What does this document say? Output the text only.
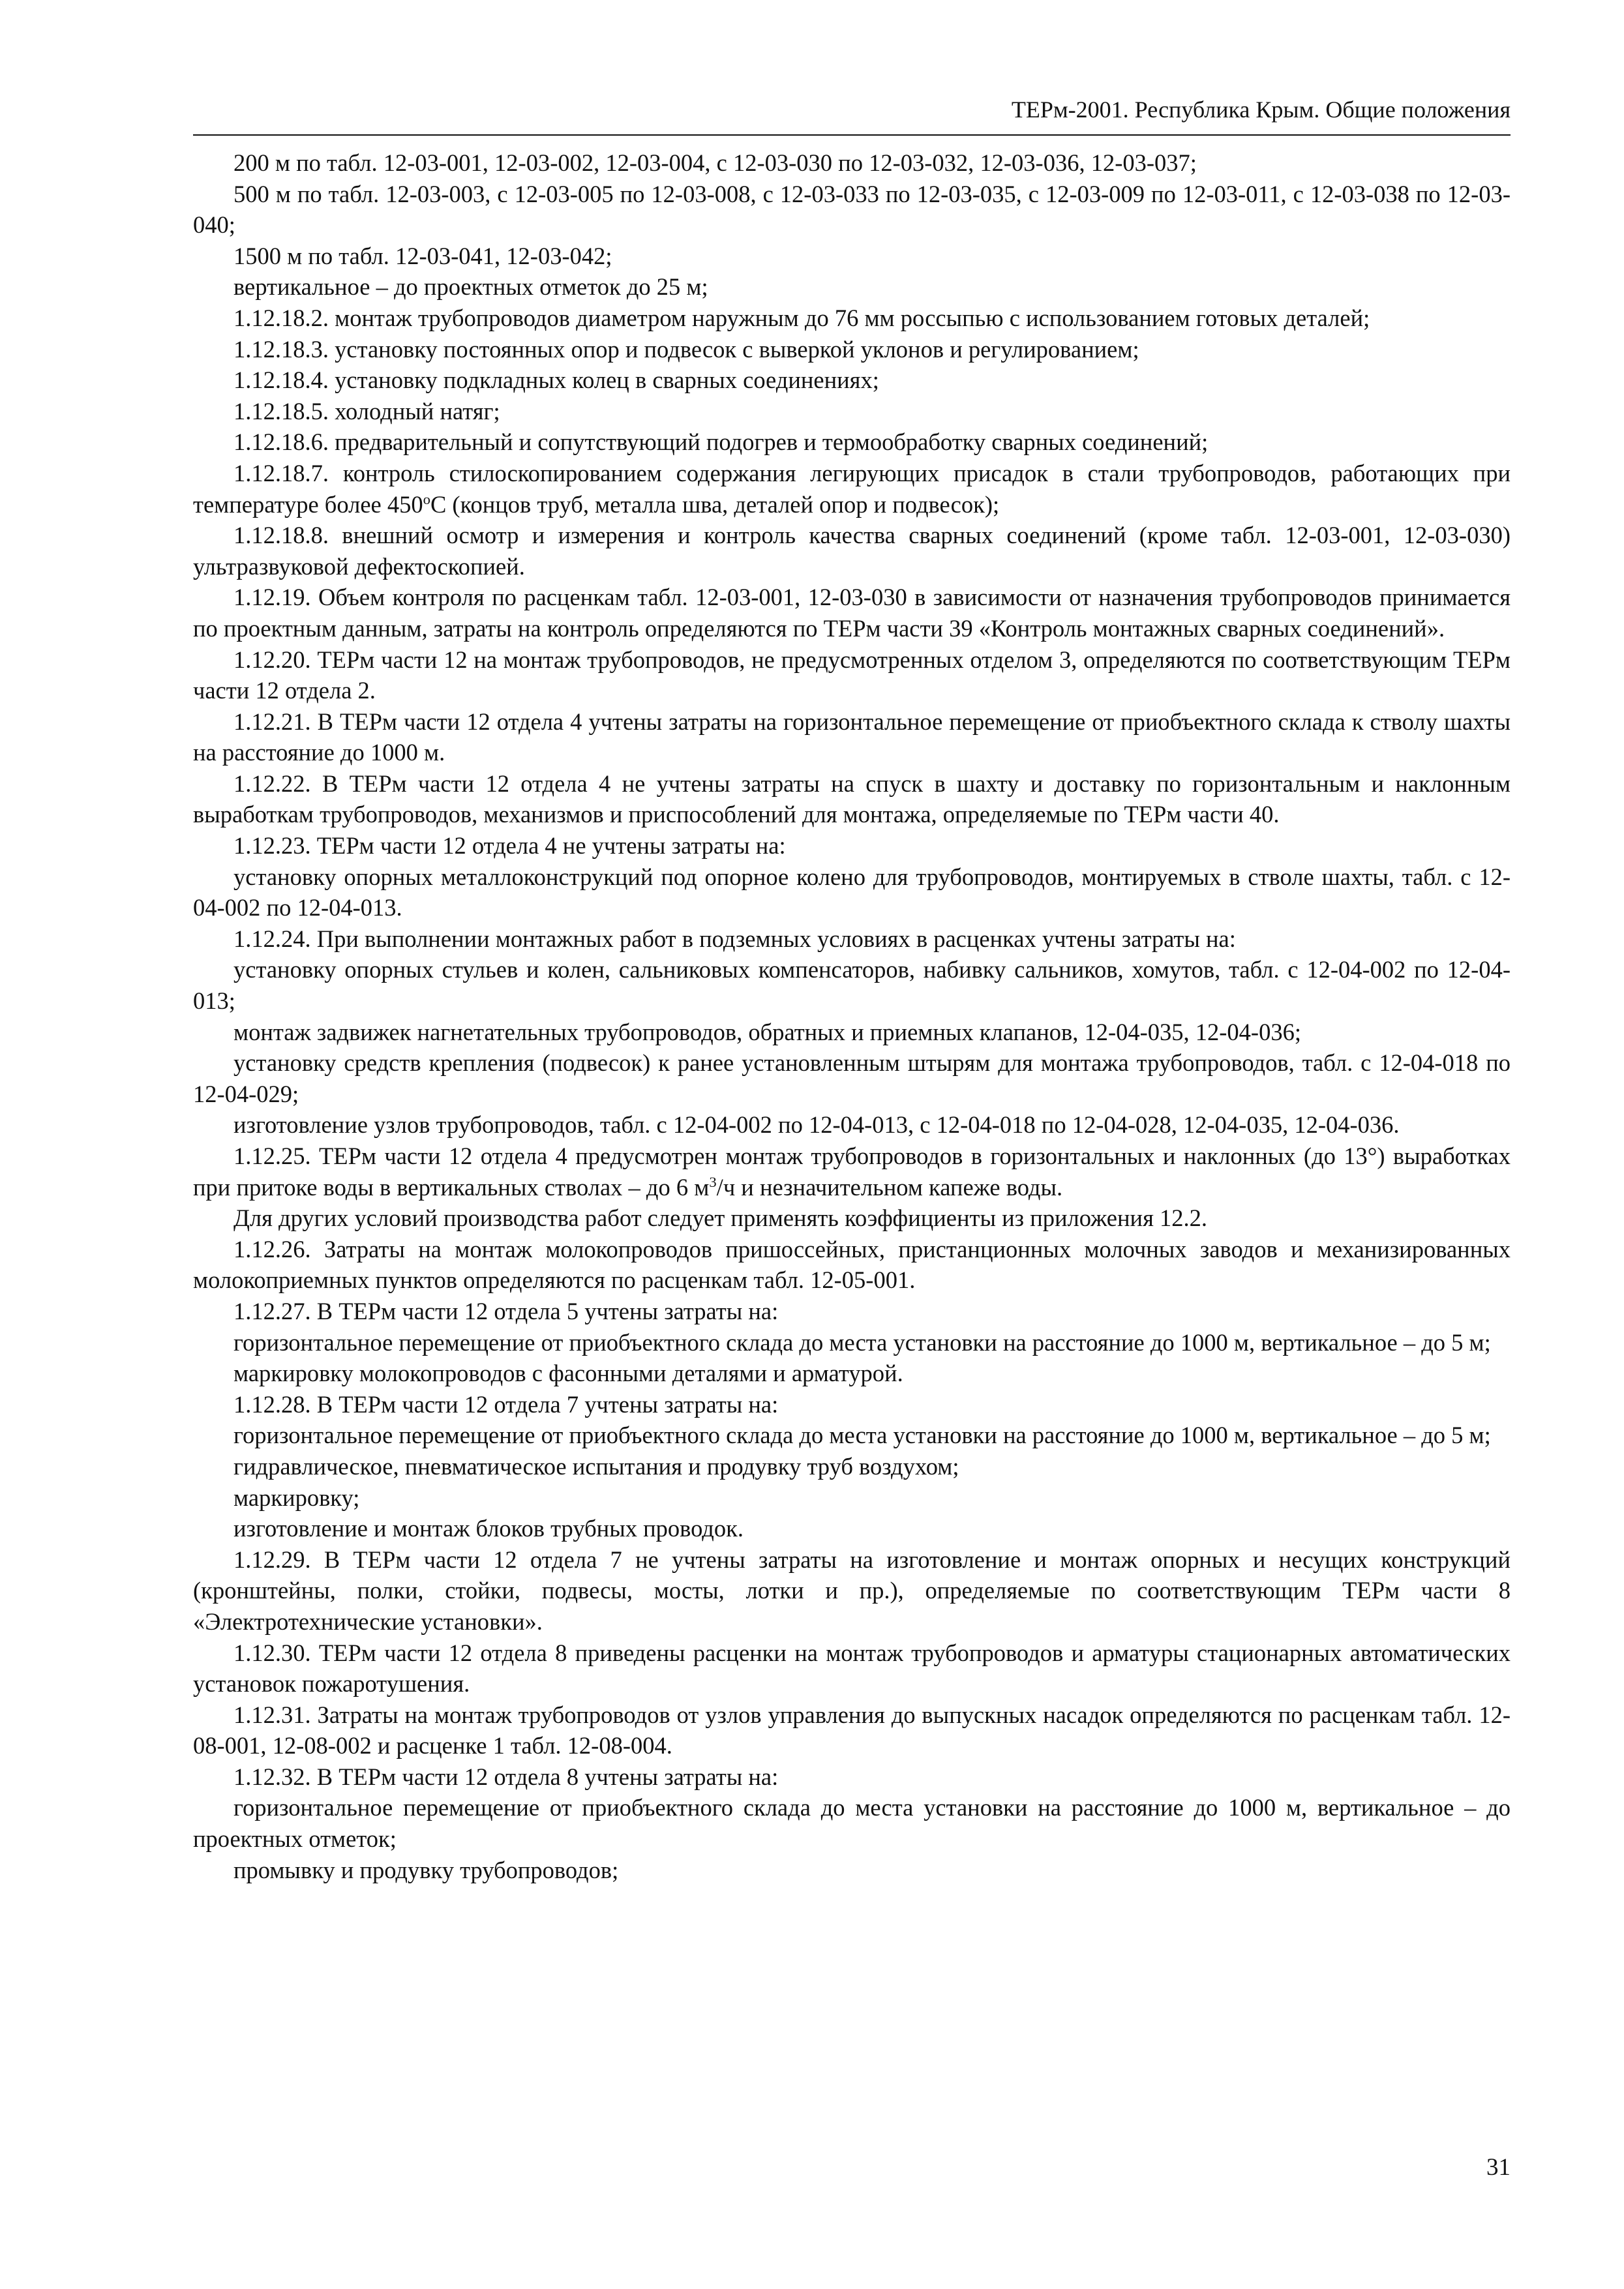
ТЕРм-2001. Республика Крым. Общие положения

200 м по табл. 12-03-001, 12-03-002, 12-03-004, с 12-03-030 по 12-03-032, 12-03-036, 12-03-037;

500 м по табл. 12-03-003, с 12-03-005 по 12-03-008, с 12-03-033 по 12-03-035, с 12-03-009 по 12-03-011, с 12-03-038 по 12-03-040;

1500 м по табл. 12-03-041, 12-03-042;

вертикальное – до проектных отметок до 25 м;

1.12.18.2. монтаж трубопроводов диаметром наружным до 76 мм россыпью с использованием готовых деталей;

1.12.18.3. установку постоянных опор и подвесок с выверкой уклонов и регулированием;

1.12.18.4. установку подкладных колец в сварных соединениях;

1.12.18.5. холодный натяг;

1.12.18.6. предварительный и сопутствующий подогрев и термообработку сварных соединений;

1.12.18.7. контроль стилоскопированием содержания легирующих присадок в стали трубопроводов, работающих при температуре более 450$^o$С (концов труб, металла шва, деталей опор и подвесок);

1.12.18.8. внешний осмотр и измерения и контроль качества сварных соединений (кроме табл. 12-03-001, 12-03-030) ультразвуковой дефектоскопией.

1.12.19. Объем контроля по расценкам табл. 12-03-001, 12-03-030 в зависимости от назначения трубопроводов принимается по проектным данным, затраты на контроль определяются по ТЕРм части 39 «Контроль монтажных сварных соединений».

1.12.20. ТЕРм части 12 на монтаж трубопроводов, не предусмотренных отделом 3, определяются по соответствующим ТЕРм части 12 отдела 2.

1.12.21. В ТЕРм части 12 отдела 4 учтены затраты на горизонтальное перемещение от приобъектного склада к стволу шахты на расстояние до 1000 м.

1.12.22. В ТЕРм части 12 отдела 4 не учтены затраты на спуск в шахту и доставку по горизонтальным и наклонным выработкам трубопроводов, механизмов и приспособлений для монтажа, определяемые по ТЕРм части 40.

1.12.23. ТЕРм части 12 отдела 4 не учтены затраты на:

установку опорных металлоконструкций под опорное колено для трубопроводов, монтируемых в стволе шахты, табл. с 12-04-002 по 12-04-013.

1.12.24. При выполнении монтажных работ в подземных условиях в расценках учтены затраты на:

установку опорных стульев и колен, сальниковых компенсаторов, набивку сальников, хомутов, табл. с 12-04-002 по 12-04-013;

монтаж задвижек нагнетательных трубопроводов, обратных и приемных клапанов, 12-04-035, 12-04-036;

установку средств крепления (подвесок) к ранее установленным штырям для монтажа трубопроводов, табл. с 12-04-018 по 12-04-029;

изготовление узлов трубопроводов, табл. с 12-04-002 по 12-04-013, с 12-04-018 по 12-04-028, 12-04-035, 12-04-036.

1.12.25. ТЕРм части 12 отдела 4 предусмотрен монтаж трубопроводов в горизонтальных и наклонных (до 13°) выработках при притоке воды в вертикальных стволах – до 6 $м^3/ч$ и незначительном капеже воды.

Для других условий производства работ следует применять коэффициенты из приложения 12.2.

1.12.26. Затраты на монтаж молокопроводов пришоссейных, пристанционных молочных заводов и механизированных молокоприемных пунктов определяются по расценкам табл. 12-05-001.

1.12.27. В ТЕРм части 12 отдела 5 учтены затраты на:

горизонтальное перемещение от приобъектного склада до места установки на расстояние до 1000 м, вертикальное – до 5 м;

маркировку молокопроводов с фасонными деталями и арматурой.

1.12.28. В ТЕРм части 12 отдела 7 учтены затраты на:

горизонтальное перемещение от приобъектного склада до места установки на расстояние до 1000 м, вертикальное – до 5 м;

гидравлическое, пневматическое испытания и продувку труб воздухом;

маркировку;

изготовление и монтаж блоков трубных проводок.

1.12.29. В ТЕРм части 12 отдела 7 не учтены затраты на изготовление и монтаж опорных и несущих конструкций (кронштейны, полки, стойки, подвесы, мосты, лотки и пр.), определяемые по соответствующим ТЕРм части 8 «Электротехнические установки».

1.12.30. ТЕРм части 12 отдела 8 приведены расценки на монтаж трубопроводов и арматуры стационарных автоматических установок пожаротушения.

1.12.31. Затраты на монтаж трубопроводов от узлов управления до выпускных насадок определяются по расценкам табл. 12-08-001, 12-08-002 и расценке 1 табл. 12-08-004.

1.12.32. В ТЕРм части 12 отдела 8 учтены затраты на:

горизонтальное перемещение от приобъектного склада до места установки на расстояние до 1000 м, вертикальное – до проектных отметок;

промывку и продувку трубопроводов;

31
